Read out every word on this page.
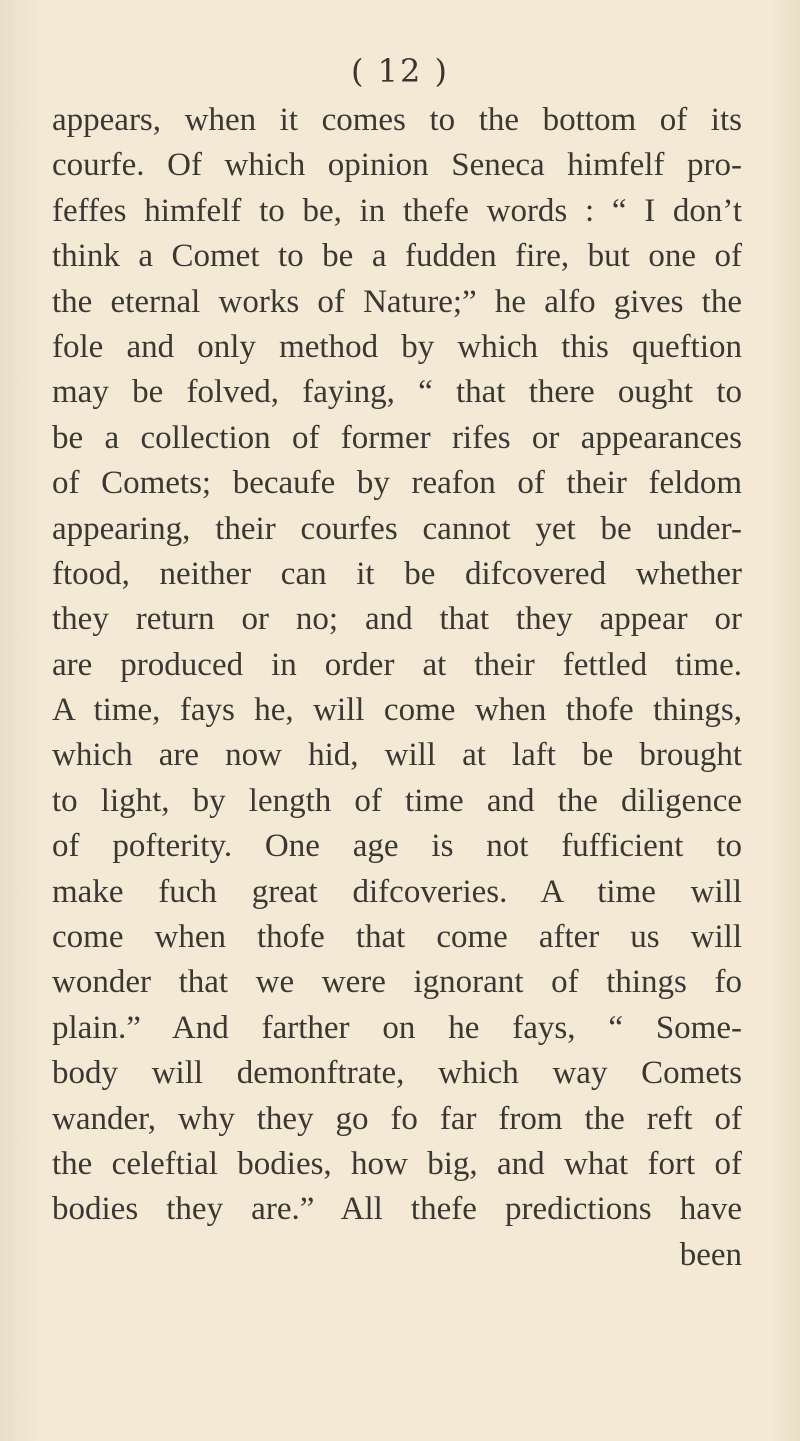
( 12 )
appears, when it comes to the bottom of its
courfe. Of which opinion Seneca himfelf pro-
feffes himfelf to be, in thefe words : “ I don’t
think a Comet to be a fudden fire, but one of
the eternal works of Nature;” he alfo gives the
fole and only method by which this queftion
may be folved, faying, “ that there ought to
be a collection of former rifes or appearances
of Comets; becaufe by reafon of their feldom
appearing, their courfes cannot yet be under-
ftood, neither can it be difcovered whether
they return or no; and that they appear or
are produced in order at their fettled time.
A time, fays he, will come when thofe things,
which are now hid, will at laft be brought
to light, by length of time and the diligence
of pofterity. One age is not fufficient to
make fuch great difcoveries. A time will
come when thofe that come after us will
wonder that we were ignorant of things fo
plain.” And farther on he fays, “ Some-
body will demonftrate, which way Comets
wander, why they go fo far from the reft of
the celeftial bodies, how big, and what fort of
bodies they are.” All thefe predictions have
been
